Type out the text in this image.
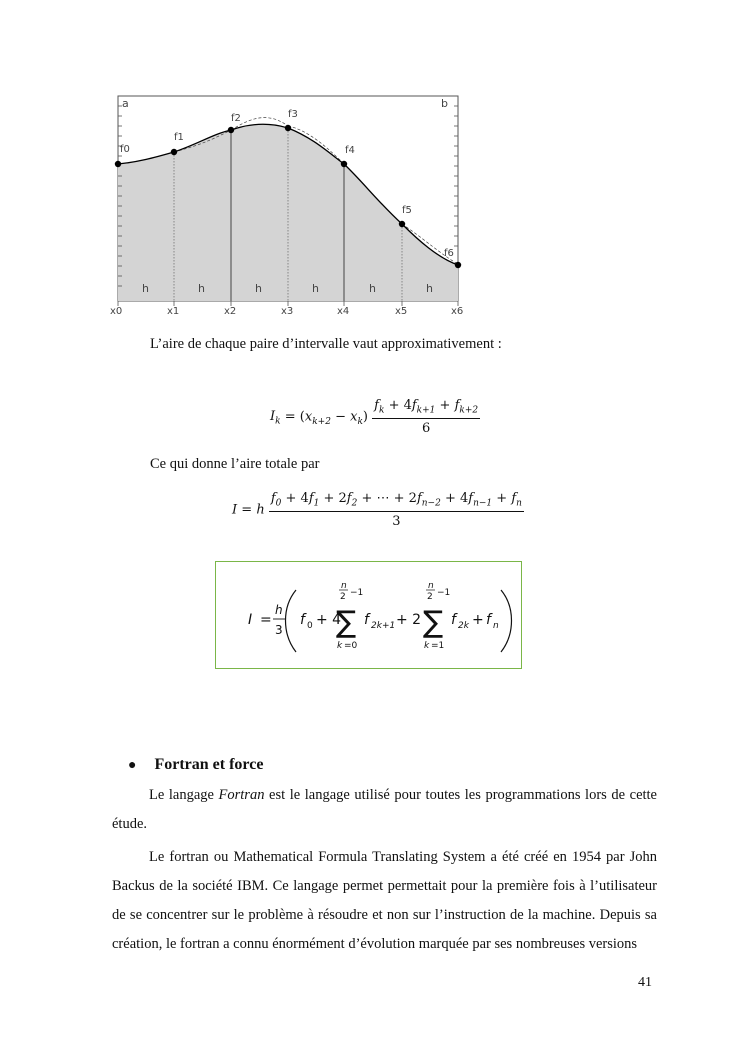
a	b
f0
f1
f2	f3
f4
f5
f6
h	h	h	h	h	h
x0	x1	x2	x3	x4	x5	x6
L’aire de chaque paire d’intervalle vaut approximativement :
$I_k = (x_{k+2} - x_k) \frac{f_k + 4f_{k+1} + f_{k+2}}{6}$
Ce qui donne l’aire totale par
I = h $\frac{f_0 + 4f_1 + 2f_2 + \cdots + 2f_{n-2} + 4f_{n-1} + f_n}{3}$
I =
h
3
f 0 + 4
n
2 −1
∑
k =0
f 2k+1 + 2
n
2 −1
∑
k =1
f 2k + f n
● Fortran et force
Le langage Fortran est le langage utilisé pour toutes les programmations lors de cette étude.
Le fortran ou Mathematical Formula Translating System a été créé en 1954 par John Backus de la société IBM. Ce langage permet permettait pour la première fois à l’utilisateur de se concentrer sur le problème à résoudre et non sur l’instruction de la machine. Depuis sa création, le fortran a connu énormément d’évolution marquée par ses nombreuses versions
41
